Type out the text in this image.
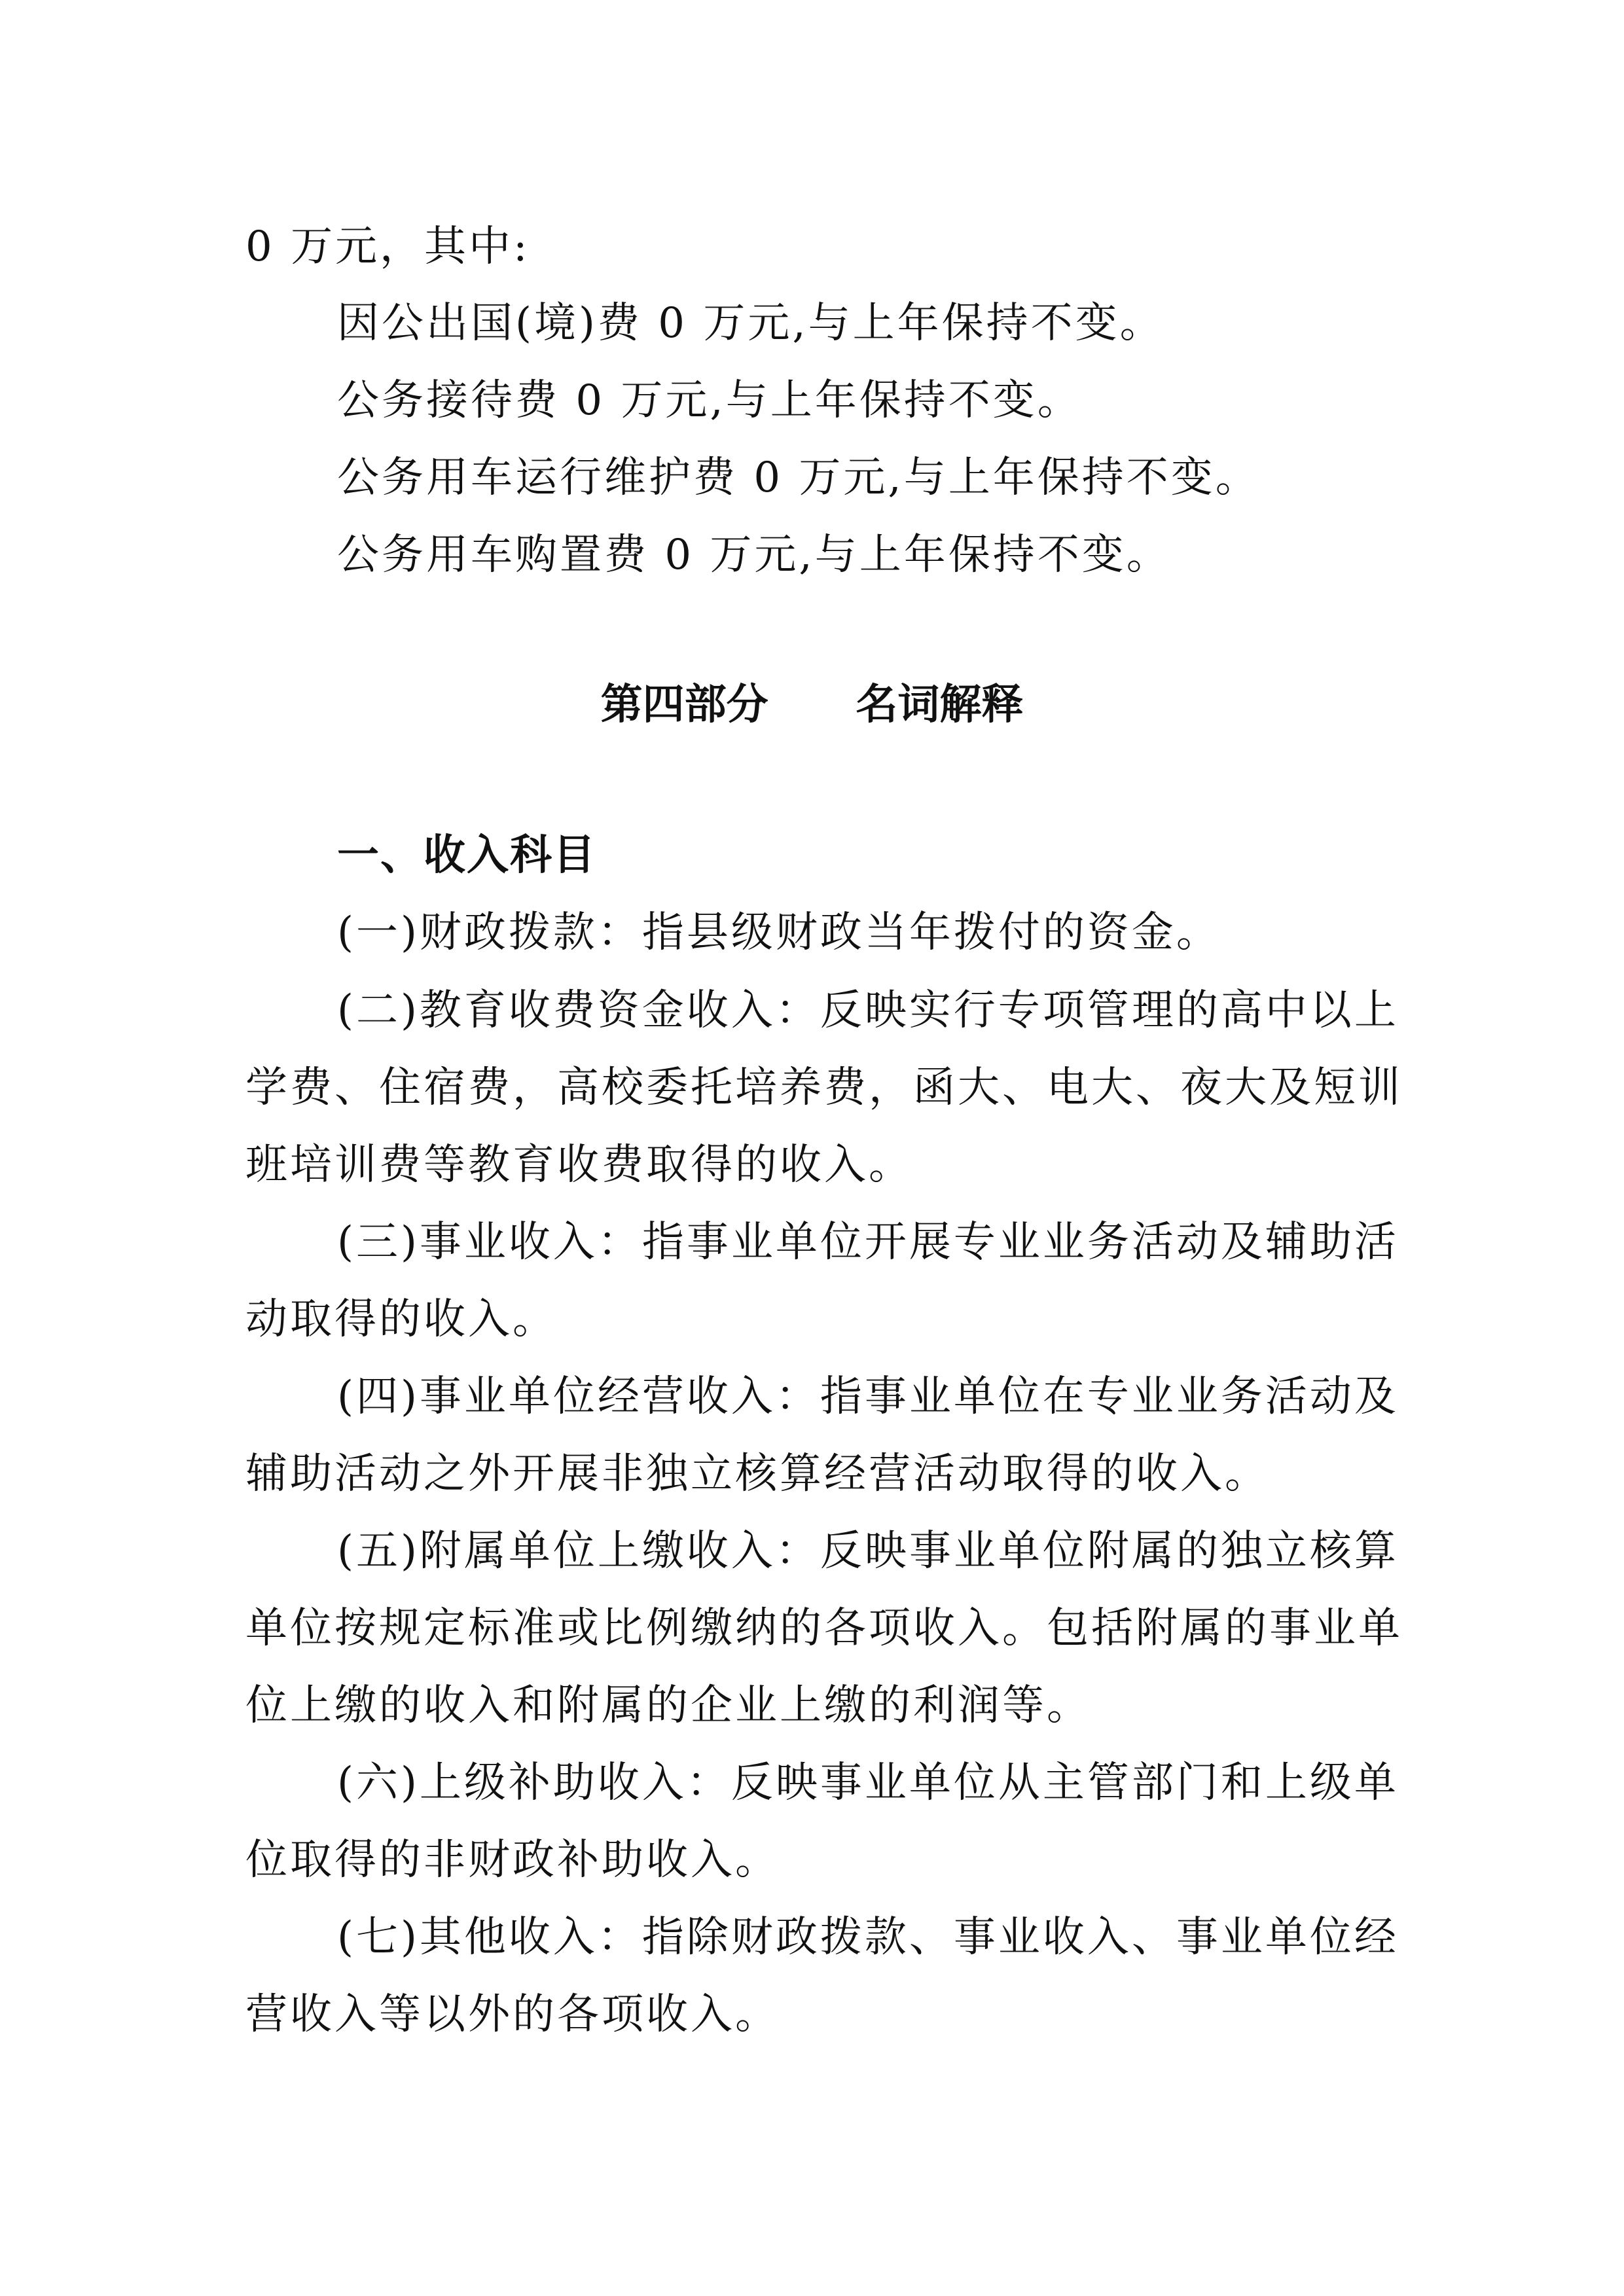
0 万元，其中:
因公出国(境)费 0 万元,与上年保持不变。
公务接待费 0 万元,与上年保持不变。
公务用车运行维护费 0 万元,与上年保持不变。
公务用车购置费 0 万元,与上年保持不变。
第四部分 名词解释
一、收入科目
(一)财政拨款：指县级财政当年拨付的资金。
(二)教育收费资金收入：反映实行专项管理的高中以上
学费、住宿费，高校委托培养费，函大、电大、夜大及短训
班培训费等教育收费取得的收入。
(三)事业收入：指事业单位开展专业业务活动及辅助活
动取得的收入。
(四)事业单位经营收入：指事业单位在专业业务活动及
辅助活动之外开展非独立核算经营活动取得的收入。
(五)附属单位上缴收入：反映事业单位附属的独立核算
单位按规定标准或比例缴纳的各项收入。包括附属的事业单
位上缴的收入和附属的企业上缴的利润等。
(六)上级补助收入：反映事业单位从主管部门和上级单
位取得的非财政补助收入。
(七)其他收入：指除财政拨款、事业收入、事业单位经
营收入等以外的各项收入。
